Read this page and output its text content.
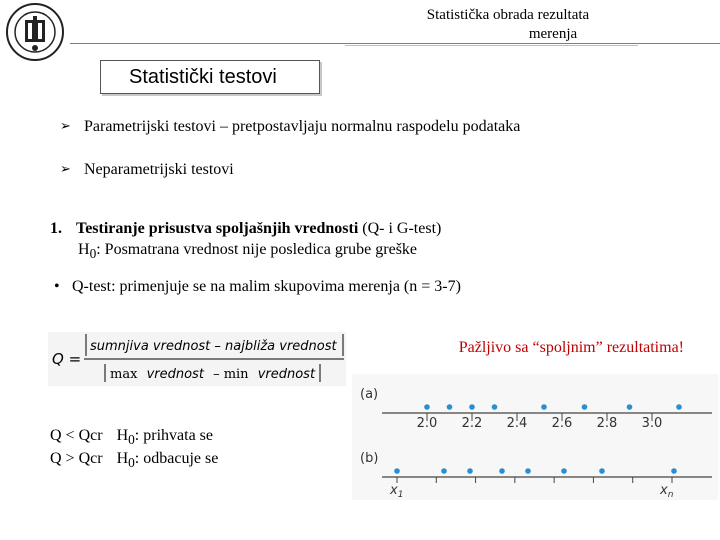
Statistička obrada rezultata
merenja
Statistički testovi
➢ Parametrijski testovi – pretpostavljaju normalnu raspodelu podataka
➢ Neparametrijski testovi
1. Testiranje prisustva spoljašnjih vrednosti (Q- i G-test)
$H_0$: Posmatrana vrednost nije posledica grube greške
• Q-test: primenjuje se na malim skupovima merenja (n = 3-7)
Q =
sumnjiva vrednost – najbliža vrednost
max vrednost – min vrednost
Pažljivo sa “spoljnim” rezultatima!
Q < Qcr $H_0$: prihvata se
Q > Qcr $H_0$: odbacuje se
(a)
(b)
2.0 2.2 2.4 2.6 2.8 3.0
$x_1$	$x_n$
